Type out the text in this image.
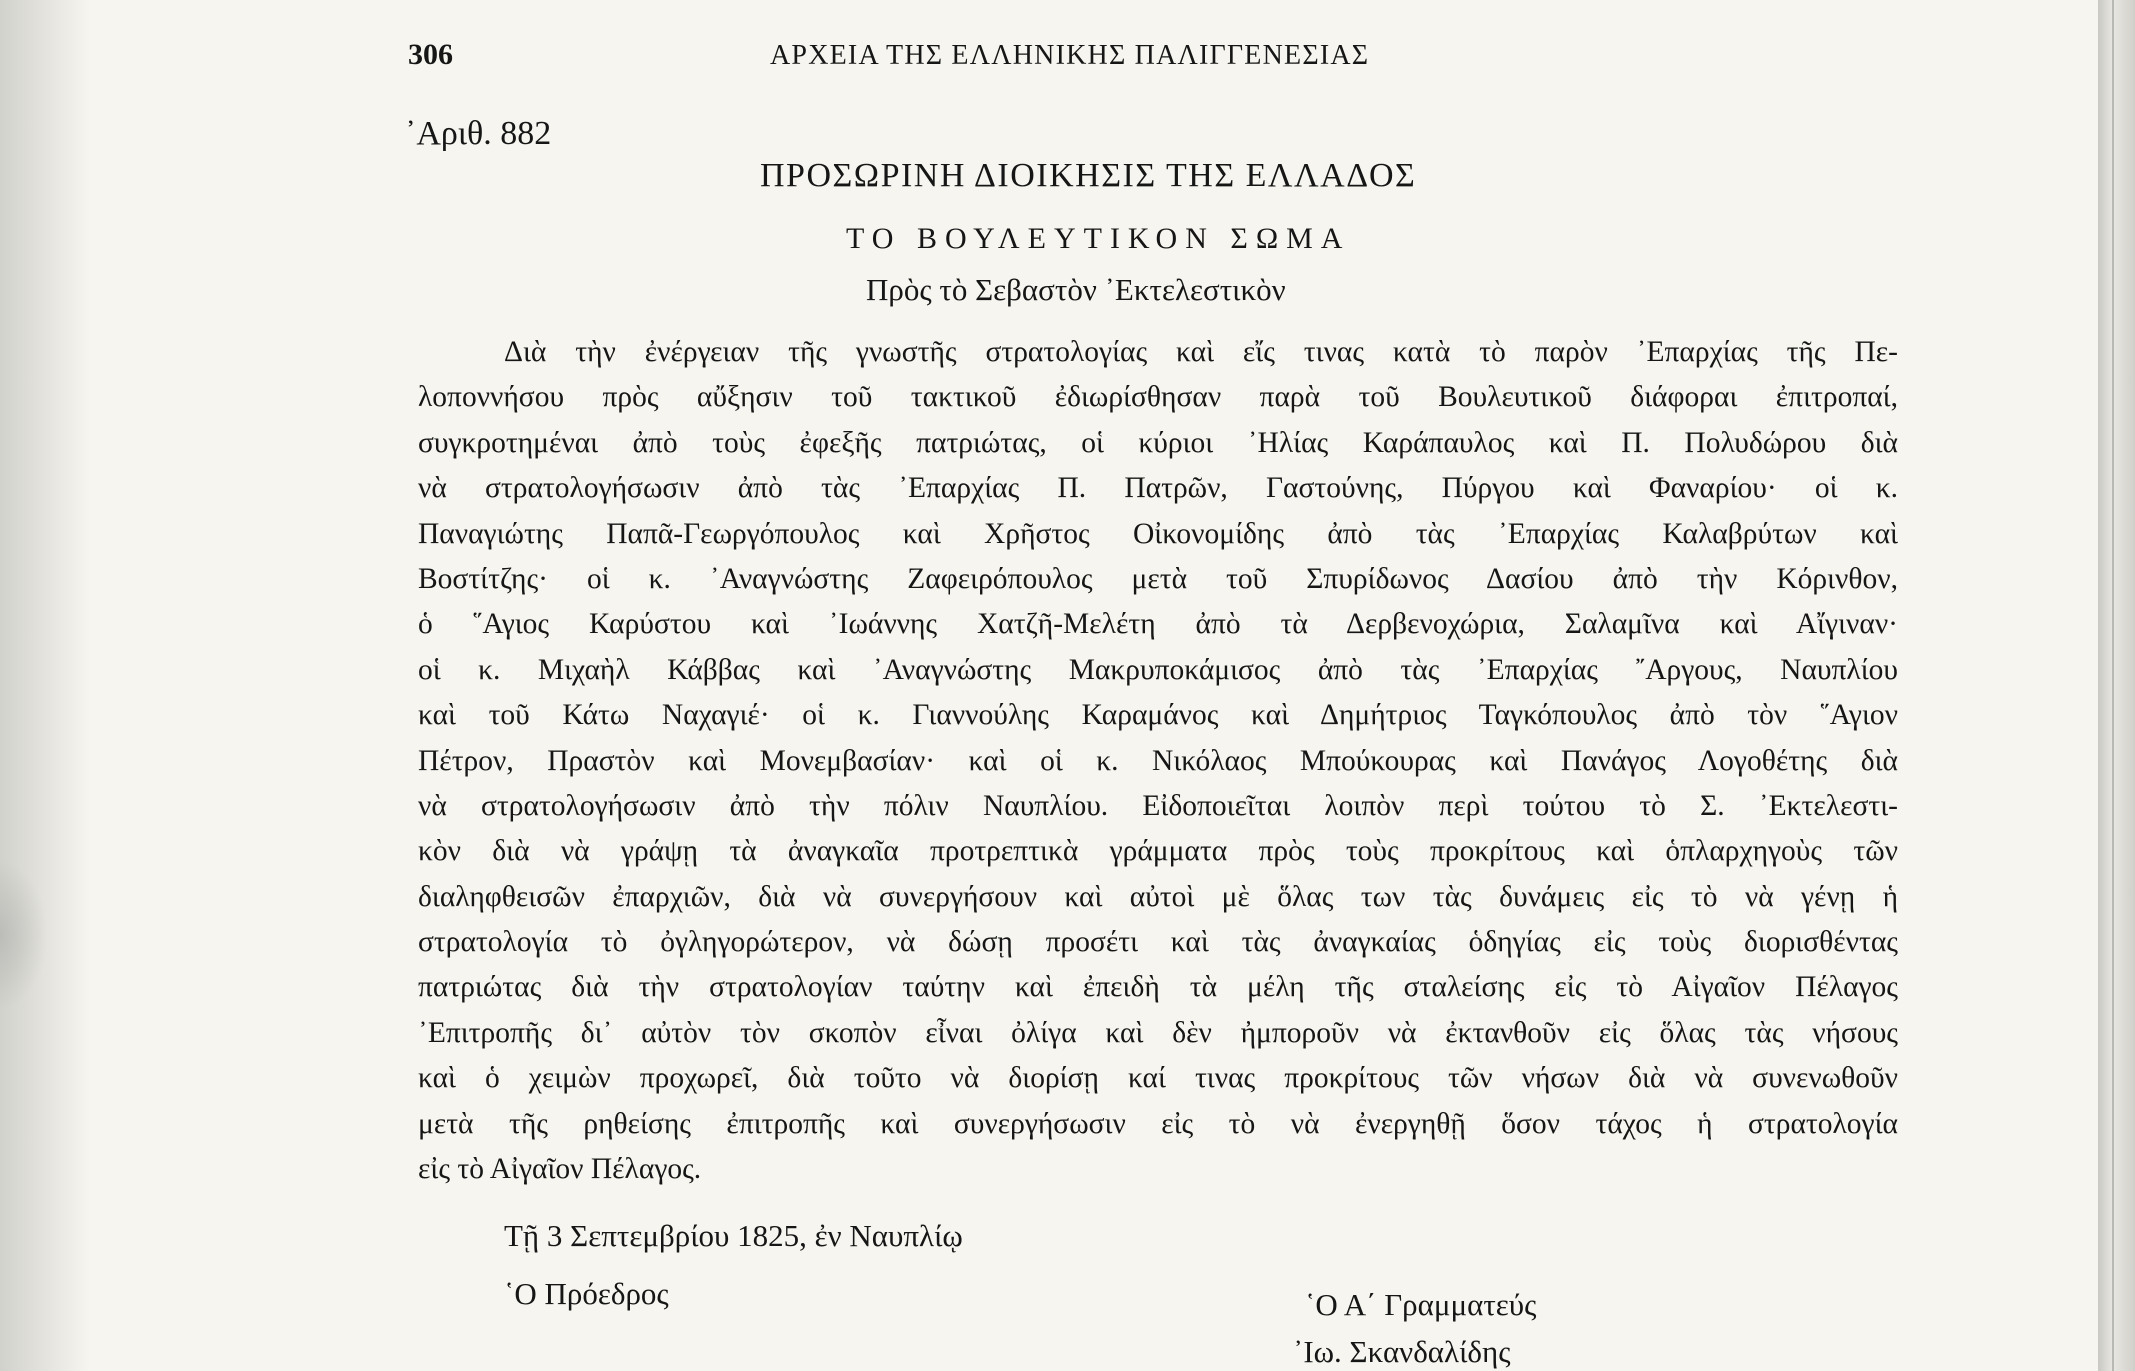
306	ΑΡΧΕΙΑ ΤΗΣ ΕΛΛΗΝΙΚΗΣ ΠΑΛΙΓΓΕΝΕΣΙΑΣ
᾿Αριθ. 882
ΠΡΟΣΩΡΙΝΗ ΔΙΟΙΚΗΣΙΣ ΤΗΣ ΕΛΛΑΔΟΣ
ΤΟ ΒΟΥΛΕΥΤΙΚΟΝ ΣΩΜΑ
Πρὸς τὸ Σεβαστὸν ᾿Εκτελεστικὸν
Διὰ τὴν ἐνέργειαν τῆς γνωστῆς στρατολογίας καὶ εἴς τινας κατὰ τὸ παρὸν ᾿Επαρχίας τῆς Πε-
λοποννήσου πρὸς αὔξησιν τοῦ τακτικοῦ ἐδιωρίσθησαν παρὰ τοῦ Βουλευτικοῦ διάφοραι ἐπιτροπαί,
συγκροτημέναι ἀπὸ τοὺς ἐφεξῆς πατριώτας, οἱ κύριοι ᾿Ηλίας Καράπαυλος καὶ Π. Πολυδώρου διὰ
νὰ στρατολογήσωσιν ἀπὸ τὰς ᾿Επαρχίας Π. Πατρῶν, Γαστούνης, Πύργου καὶ Φαναρίου· οἱ κ.
Παναγιώτης Παπᾶ-Γεωργόπουλος καὶ Χρῆστος Οἰκονομίδης ἀπὸ τὰς ᾿Επαρχίας Καλαβρύτων καὶ
Βοστίτζης· οἱ κ. ᾿Αναγνώστης Ζαφειρόπουλος μετὰ τοῦ Σπυρίδωνος Δασίου ἀπὸ τὴν Κόρινθον,
ὁ ῞Αγιος Καρύστου καὶ ᾿Ιωάννης Χατζῆ-Μελέτη ἀπὸ τὰ Δερβενοχώρια, Σαλαμῖνα καὶ Αἴγιναν·
οἱ κ. Μιχαὴλ Κάββας καὶ ᾿Αναγνώστης Μακρυποκάμισος ἀπὸ τὰς ᾿Επαρχίας ῎Αργους, Ναυπλίου
καὶ τοῦ Κάτω Ναχαγιέ· οἱ κ. Γιαννούλης Καραμάνος καὶ Δημήτριος Ταγκόπουλος ἀπὸ τὸν ῞Αγιον
Πέτρον, Πραστὸν καὶ Μονεμβασίαν· καὶ οἱ κ. Νικόλαος Μπούκουρας καὶ Πανάγος Λογοθέτης διὰ
νὰ στρατολογήσωσιν ἀπὸ τὴν πόλιν Ναυπλίου. Εἰδοποιεῖται λοιπὸν περὶ τούτου τὸ Σ. ᾿Εκτελεστι-
κὸν διὰ νὰ γράψῃ τὰ ἀναγκαῖα προτρεπτικὰ γράμματα πρὸς τοὺς προκρίτους καὶ ὁπλαρχηγοὺς τῶν
διαληφθεισῶν ἐπαρχιῶν, διὰ νὰ συνεργήσουν καὶ αὐτοὶ μὲ ὅλας των τὰς δυνάμεις εἰς τὸ νὰ γένῃ ἡ
στρατολογία τὸ ὀγληγορώτερον, νὰ δώσῃ προσέτι καὶ τὰς ἀναγκαίας ὁδηγίας εἰς τοὺς διορισθέντας
πατριώτας διὰ τὴν στρατολογίαν ταύτην καὶ ἐπειδὴ τὰ μέλη τῆς σταλείσης εἰς τὸ Αἰγαῖον Πέλαγος
᾿Επιτροπῆς δι᾿ αὐτὸν τὸν σκοπὸν εἶναι ὀλίγα καὶ δὲν ἠμποροῦν νὰ ἐκτανθοῦν εἰς ὅλας τὰς νήσους
καὶ ὁ χειμὼν προχωρεῖ, διὰ τοῦτο νὰ διορίσῃ καί τινας προκρίτους τῶν νήσων διὰ νὰ συνενωθοῦν
μετὰ τῆς ρηθείσης ἐπιτροπῆς καὶ συνεργήσωσιν εἰς τὸ νὰ ἐνεργηθῇ ὅσον τάχος ἡ στρατολογία
εἰς τὸ Αἰγαῖον Πέλαγος.
Τῇ 3 Σεπτεμβρίου 1825, ἐν Ναυπλίῳ
῾Ο Πρόεδρος	῾Ο Α΄ Γραμματεύς
᾿Ιω. Σκανδαλίδης
